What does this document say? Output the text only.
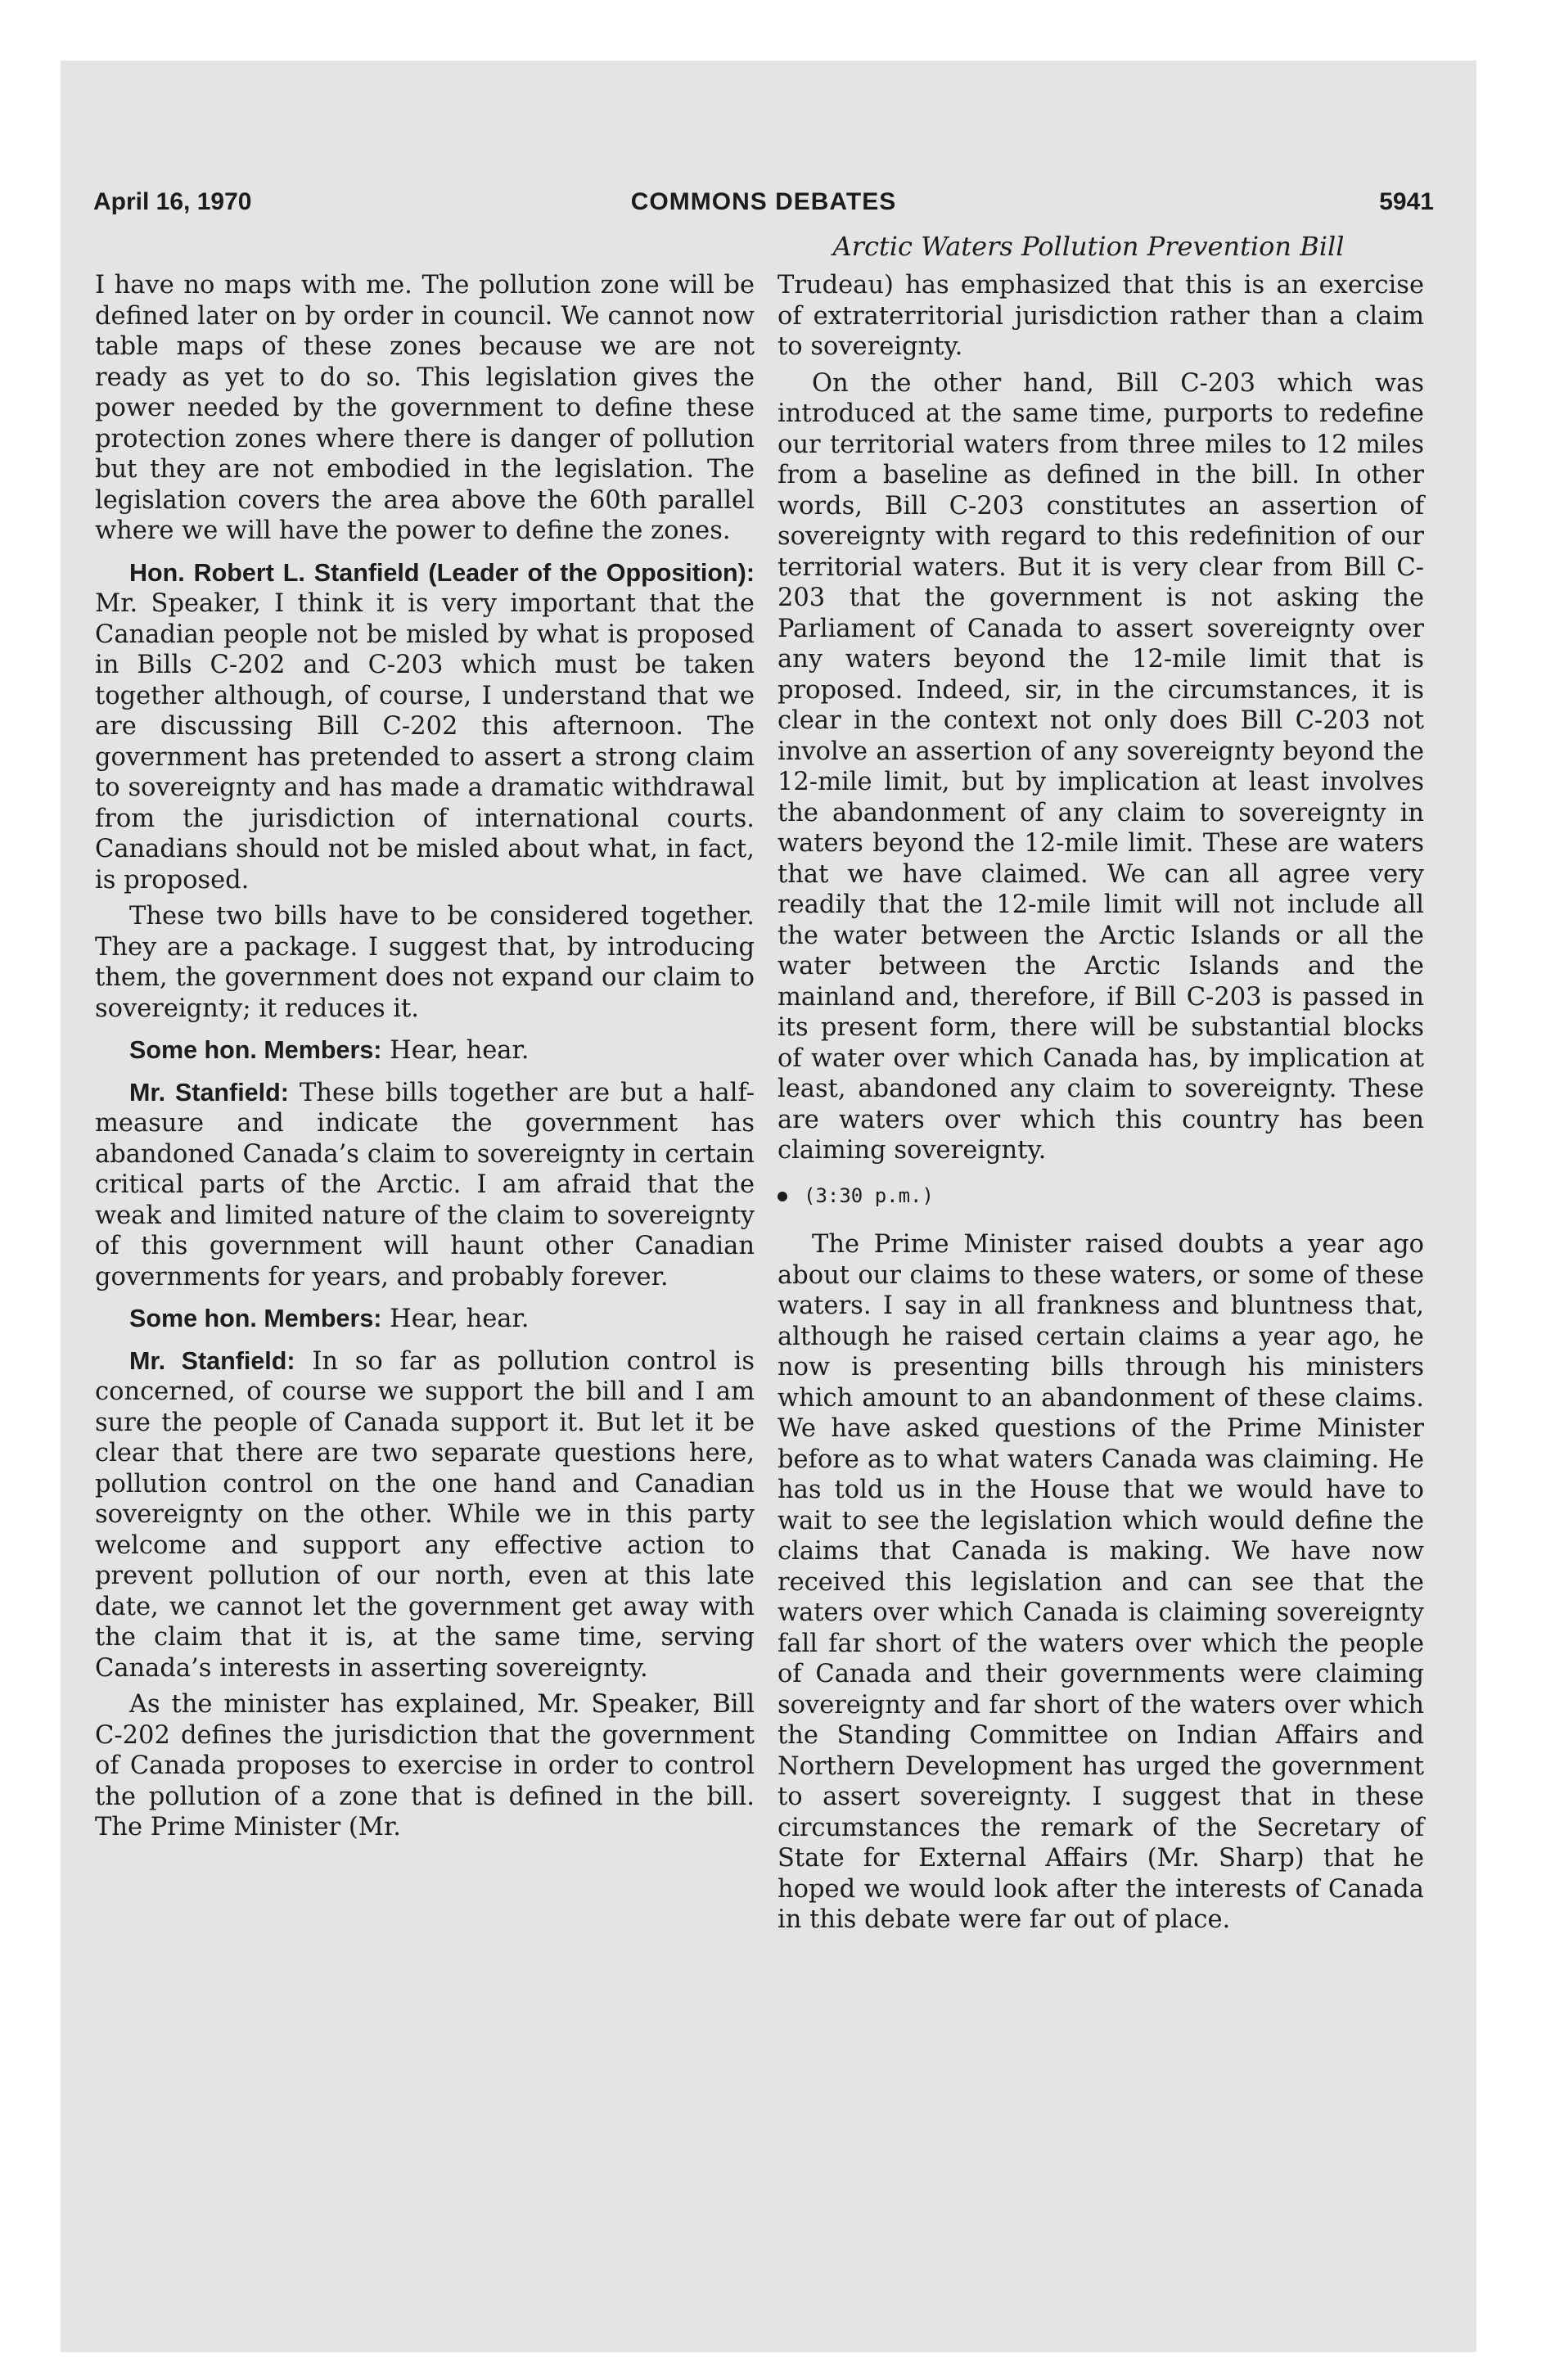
April 16, 1970	COMMONS DEBATES	5941
Arctic Waters Pollution Prevention Bill

I have no maps with me. The pollution zone will be defined later on by order in council. We cannot now table maps of these zones because we are not ready as yet to do so. This legislation gives the power needed by the government to define these protection zones where there is danger of pollution but they are not embodied in the legislation. The legislation covers the area above the 60th parallel where we will have the power to define the zones.

Hon. Robert L. Stanfield (Leader of the Opposition): Mr. Speaker, I think it is very important that the Canadian people not be misled by what is proposed in Bills C-202 and C-203 which must be taken together although, of course, I understand that we are discussing Bill C-202 this afternoon. The government has pretended to assert a strong claim to sovereignty and has made a dramatic withdrawal from the jurisdiction of international courts. Canadians should not be misled about what, in fact, is proposed.

These two bills have to be considered together. They are a package. I suggest that, by introducing them, the government does not expand our claim to sovereignty; it reduces it.

Some hon. Members: Hear, hear.

Mr. Stanfield: These bills together are but a half-measure and indicate the government has abandoned Canada’s claim to sovereignty in certain critical parts of the Arctic. I am afraid that the weak and limited nature of the claim to sovereignty of this government will haunt other Canadian governments for years, and probably forever.

Some hon. Members: Hear, hear.

Mr. Stanfield: In so far as pollution control is concerned, of course we support the bill and I am sure the people of Canada support it. But let it be clear that there are two separate questions here, pollution control on the one hand and Canadian sovereignty on the other. While we in this party welcome and support any effective action to prevent pollution of our north, even at this late date, we cannot let the government get away with the claim that it is, at the same time, serving Canada’s interests in asserting sovereignty.

As the minister has explained, Mr. Speaker, Bill C-202 defines the jurisdiction that the government of Canada proposes to exercise in order to control the pollution of a zone that is defined in the bill. The Prime Minister (Mr.

Trudeau) has emphasized that this is an exercise of extraterritorial jurisdiction rather than a claim to sovereignty.

On the other hand, Bill C-203 which was introduced at the same time, purports to redefine our territorial waters from three miles to 12 miles from a baseline as defined in the bill. In other words, Bill C-203 constitutes an assertion of sovereignty with regard to this redefinition of our territorial waters. But it is very clear from Bill C-203 that the government is not asking the Parliament of Canada to assert sovereignty over any waters beyond the 12-mile limit that is proposed. Indeed, sir, in the circumstances, it is clear in the context not only does Bill C-203 not involve an assertion of any sovereignty beyond the 12-mile limit, but by implication at least involves the abandonment of any claim to sovereignty in waters beyond the 12-mile limit. These are waters that we have claimed. We can all agree very readily that the 12-mile limit will not include all the water between the Arctic Islands or all the water between the Arctic Islands and the mainland and, therefore, if Bill C-203 is passed in its present form, there will be substantial blocks of water over which Canada has, by implication at least, abandoned any claim to sovereignty. These are waters over which this country has been claiming sovereignty.

(3:30 p.m.)

The Prime Minister raised doubts a year ago about our claims to these waters, or some of these waters. I say in all frankness and bluntness that, although he raised certain claims a year ago, he now is presenting bills through his ministers which amount to an abandonment of these claims. We have asked questions of the Prime Minister before as to what waters Canada was claiming. He has told us in the House that we would have to wait to see the legislation which would define the claims that Canada is making. We have now received this legislation and can see that the waters over which Canada is claiming sovereignty fall far short of the waters over which the people of Canada and their governments were claiming sovereignty and far short of the waters over which the Standing Committee on Indian Affairs and Northern Development has urged the government to assert sovereignty. I suggest that in these circumstances the remark of the Secretary of State for External Affairs (Mr. Sharp) that he hoped we would look after the interests of Canada in this debate were far out of place.
